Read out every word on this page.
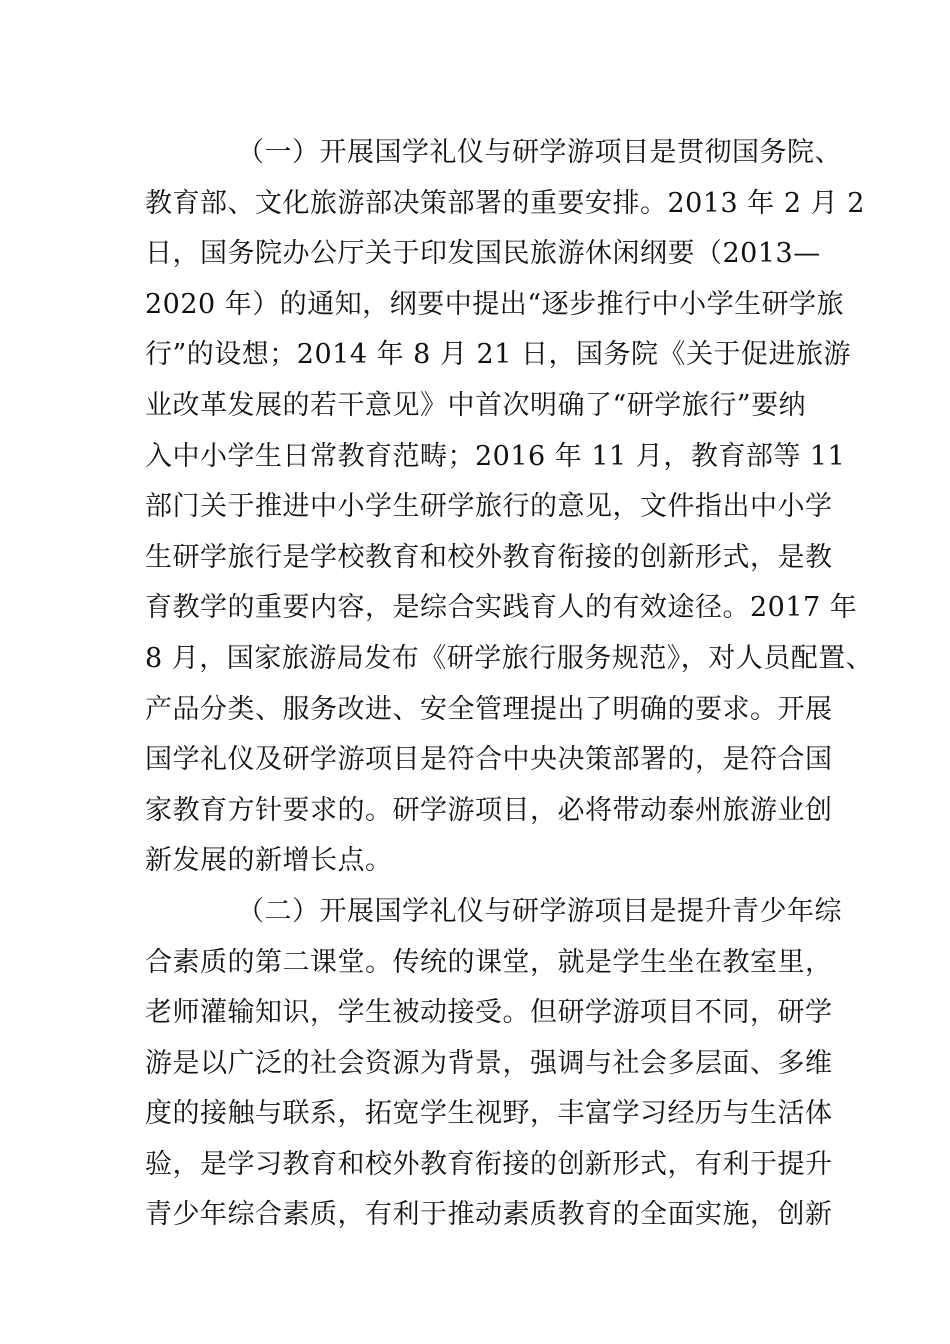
（一）开展国学礼仪与研学游项目是贯彻国务院、
教育部、文化旅游部决策部署的重要安排。2013 年 2 月 2
日，国务院办公厅关于印发国民旅游休闲纲要（2013—
2020 年）的通知，纲要中提出“逐步推行中小学生研学旅
行”的设想；2014 年 8 月 21 日，国务院《关于促进旅游
业改革发展的若干意见》中首次明确了“研学旅行”要纳
入中小学生日常教育范畴；2016 年 11 月，教育部等 11
部门关于推进中小学生研学旅行的意见，文件指出中小学
生研学旅行是学校教育和校外教育衔接的创新形式，是教
育教学的重要内容，是综合实践育人的有效途径。2017 年
8 月，国家旅游局发布《研学旅行服务规范》，对人员配置、
产品分类、服务改进、安全管理提出了明确的要求。开展
国学礼仪及研学游项目是符合中央决策部署的，是符合国
家教育方针要求的。研学游项目，必将带动泰州旅游业创
新发展的新增长点。
（二）开展国学礼仪与研学游项目是提升青少年综
合素质的第二课堂。传统的课堂，就是学生坐在教室里，
老师灌输知识，学生被动接受。但研学游项目不同，研学
游是以广泛的社会资源为背景，强调与社会多层面、多维
度的接触与联系，拓宽学生视野，丰富学习经历与生活体
验，是学习教育和校外教育衔接的创新形式，有利于提升
青少年综合素质，有利于推动素质教育的全面实施，创新
